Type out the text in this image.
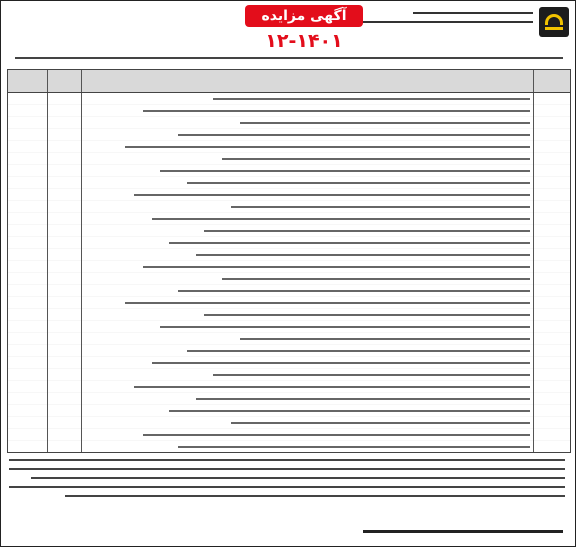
آگهی مزایده
۱۲-۱۴۰۱
